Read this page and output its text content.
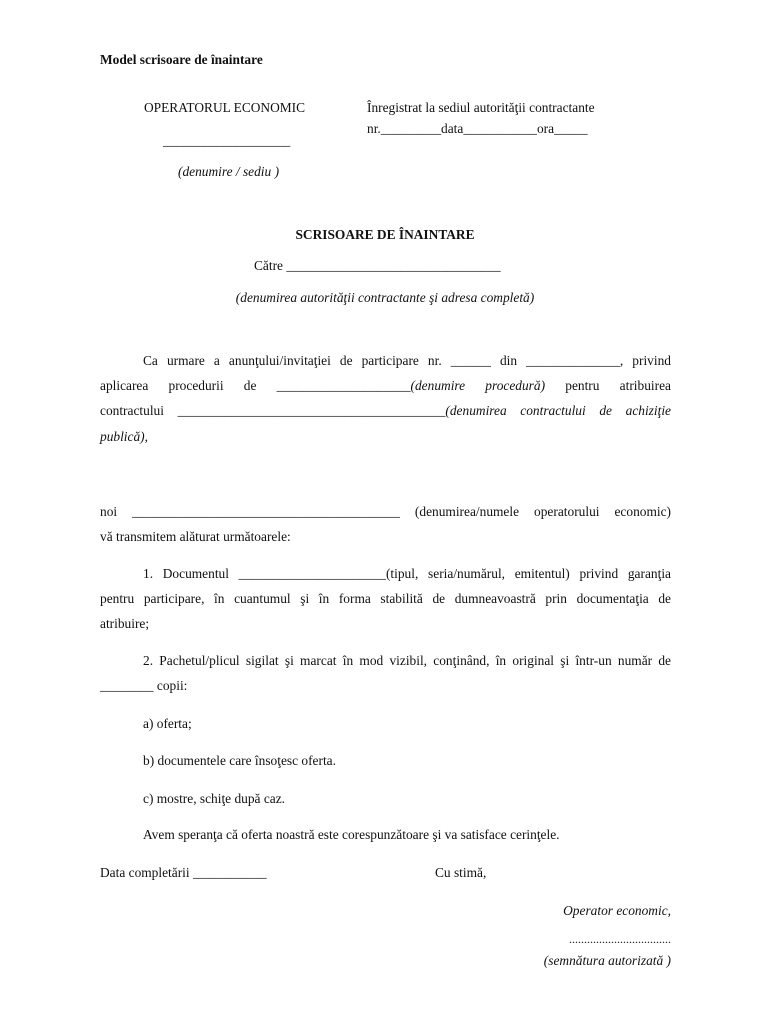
Model scrisoare de înaintare
OPERATORUL ECONOMIC
___________________
(denumire / sediu )
Înregistrat la sediul autorităţii contractante
nr._________data___________ora_____
SCRISOARE DE ÎNAINTARE
Către ________________________________
(denumirea autorităţii contractante şi adresa completă)
Ca urmare a anunţului/invitaţiei de participare nr. ______ din ______________, privind
aplicarea procedurii de ____________________(denumire procedură) pentru atribuirea
contractului ________________________________________(denumirea contractului de achiziţie
publică),
noi ________________________________________ (denumirea/numele operatorului economic)
vă transmitem alăturat următoarele:
1. Documentul ______________________(tipul, seria/numărul, emitentul) privind garanţia
pentru participare, în cuantumul şi în forma stabilită de dumneavoastră prin documentaţia de
atribuire;
2. Pachetul/plicul sigilat şi marcat în mod vizibil, conţinând, în original şi într-un număr de
________ copii:
a) oferta;
b) documentele care însoţesc oferta.
c) mostre, schiţe după caz.
Avem speranţa că oferta noastră este corespunzătoare şi va satisface cerinţele.
Data completării ___________	Cu stimă,
Operator economic,
..................................
(semnătura autorizată )
